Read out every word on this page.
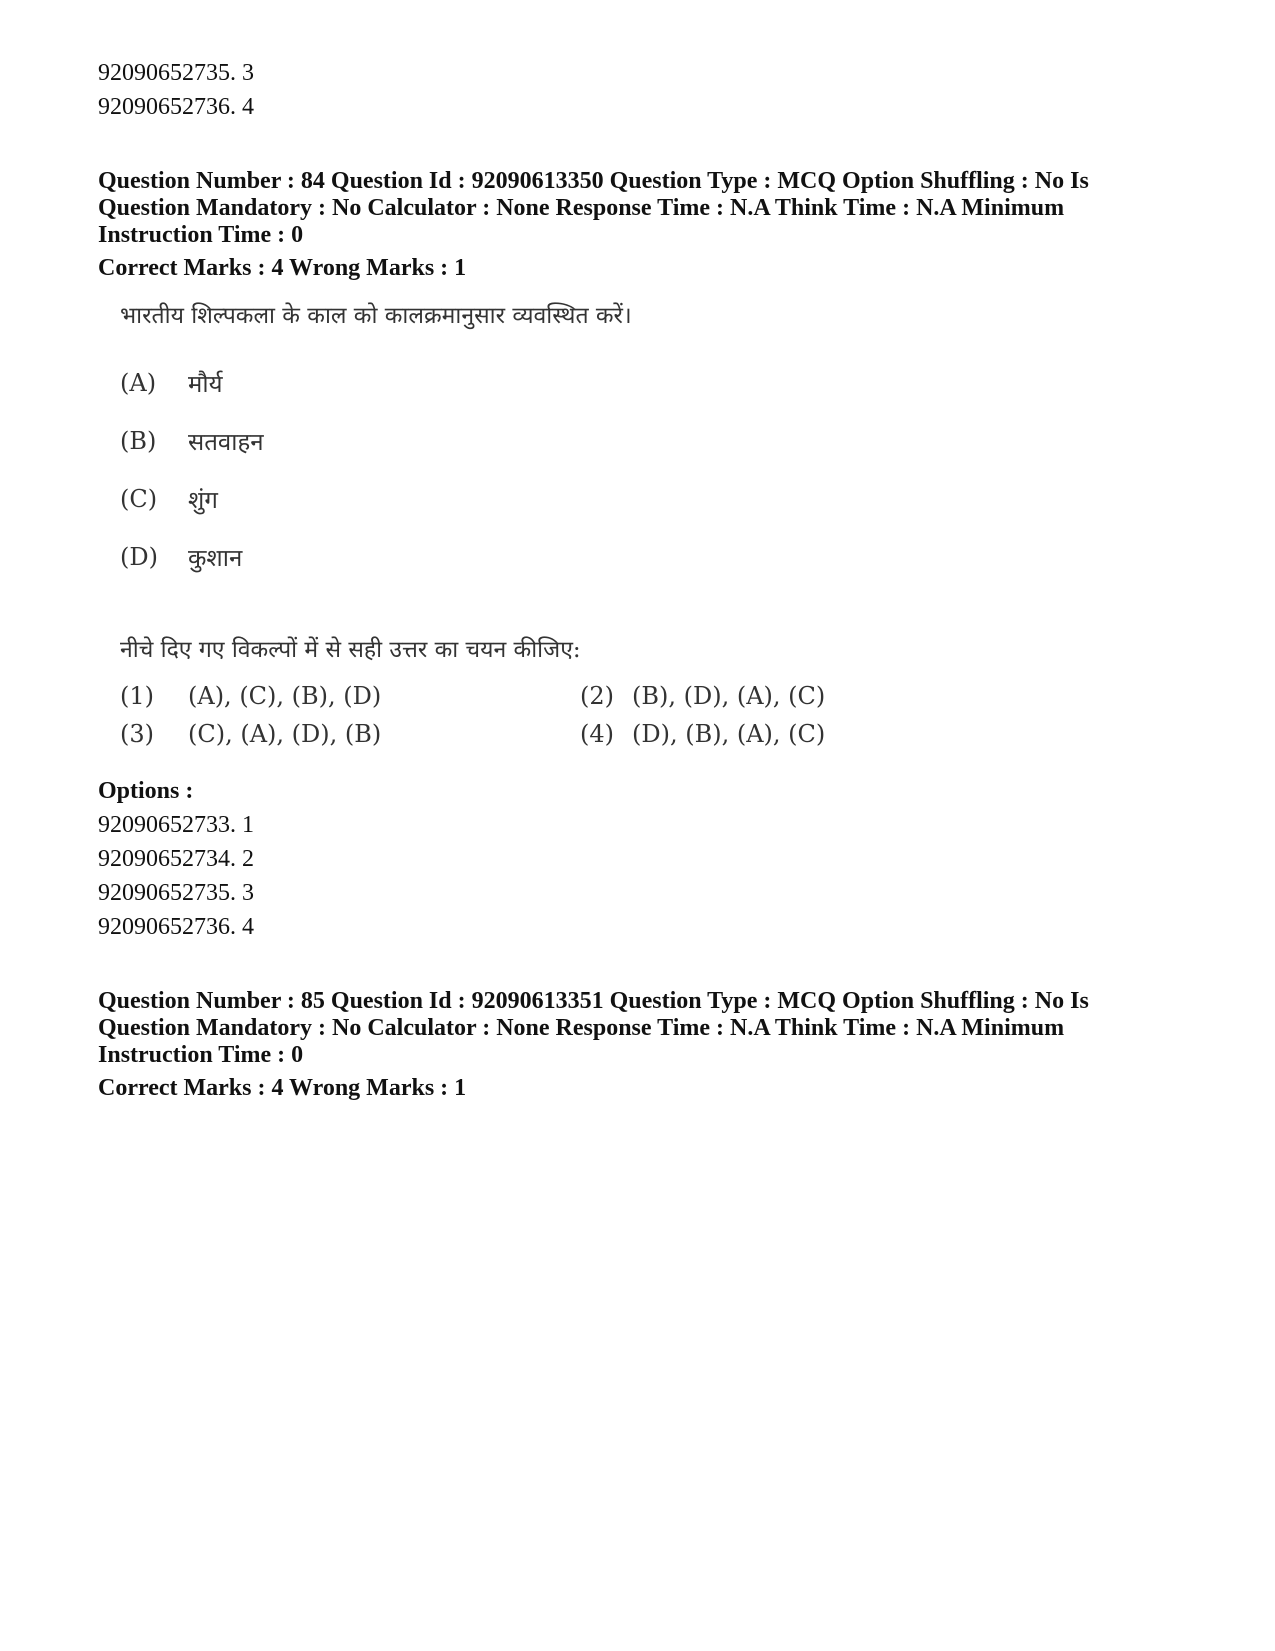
92090652735. 3
92090652736. 4
Question Number : 84 Question Id : 92090613350 Question Type : MCQ Option Shuffling : No Is
Question Mandatory : No Calculator : None Response Time : N.A Think Time : N.A Minimum
Instruction Time : 0
Correct Marks : 4 Wrong Marks : 1
भारतीय शिल्पकला के काल को कालक्रमानुसार व्यवस्थित करें।
(A)	मौर्य
(B)	सतवाहन
(C)	शुंग
(D)	कुशान
नीचे दिए गए विकल्पों में से सही उत्तर का चयन कीजिए:
(1)	(A), (C), (B), (D)	(2) (B), (D), (A), (C)
(3)	(C), (A), (D), (B)	(4) (D), (B), (A), (C)
Options :
92090652733. 1
92090652734. 2
92090652735. 3
92090652736. 4
Question Number : 85 Question Id : 92090613351 Question Type : MCQ Option Shuffling : No Is
Question Mandatory : No Calculator : None Response Time : N.A Think Time : N.A Minimum
Instruction Time : 0
Correct Marks : 4 Wrong Marks : 1
